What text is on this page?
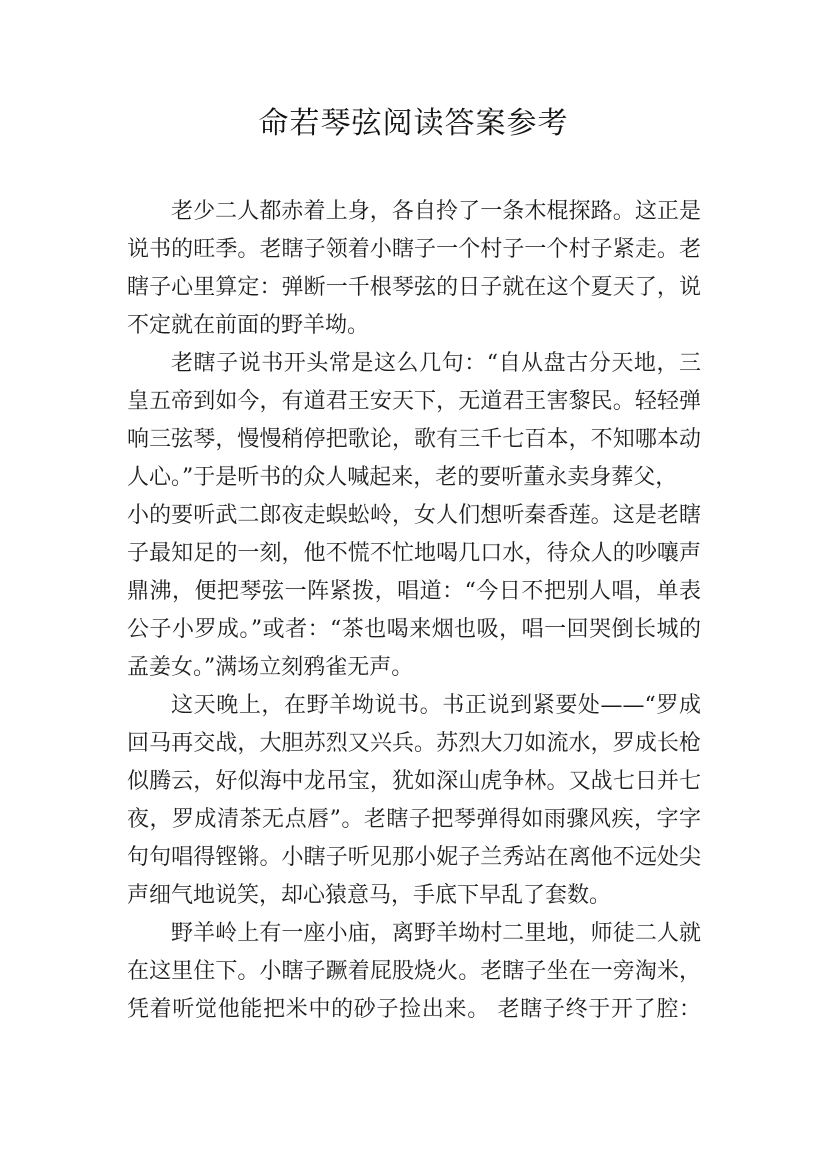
命若琴弦阅读答案参考
老少二人都赤着上身，各自拎了一条木棍探路。这正是
说书的旺季。老瞎子领着小瞎子一个村子一个村子紧走。老
瞎子心里算定：弹断一千根琴弦的日子就在这个夏天了，说
不定就在前面的野羊坳。
老瞎子说书开头常是这么几句：“自从盘古分天地，三
皇五帝到如今，有道君王安天下，无道君王害黎民。轻轻弹
响三弦琴，慢慢稍停把歌论，歌有三千七百本，不知哪本动
人心。”于是听书的众人喊起来，老的要听董永卖身葬父，
小的要听武二郎夜走蜈蚣岭，女人们想听秦香莲。这是老瞎
子最知足的一刻，他不慌不忙地喝几口水，待众人的吵嚷声
鼎沸，便把琴弦一阵紧拨，唱道：“今日不把别人唱，单表
公子小罗成。”或者：“茶也喝来烟也吸，唱一回哭倒长城的
孟姜女。”满场立刻鸦雀无声。
这天晚上，在野羊坳说书。书正说到紧要处——“罗成
回马再交战，大胆苏烈又兴兵。苏烈大刀如流水，罗成长枪
似腾云，好似海中龙吊宝，犹如深山虎争林。又战七日并七
夜，罗成清茶无点唇”。老瞎子把琴弹得如雨骤风疾，字字
句句唱得铿锵。小瞎子听见那小妮子兰秀站在离他不远处尖
声细气地说笑，却心猿意马，手底下早乱了套数。
野羊岭上有一座小庙，离野羊坳村二里地，师徒二人就
在这里住下。小瞎子蹶着屁股烧火。老瞎子坐在一旁淘米，
凭着听觉他能把米中的砂子捡出来。 老瞎子终于开了腔：
